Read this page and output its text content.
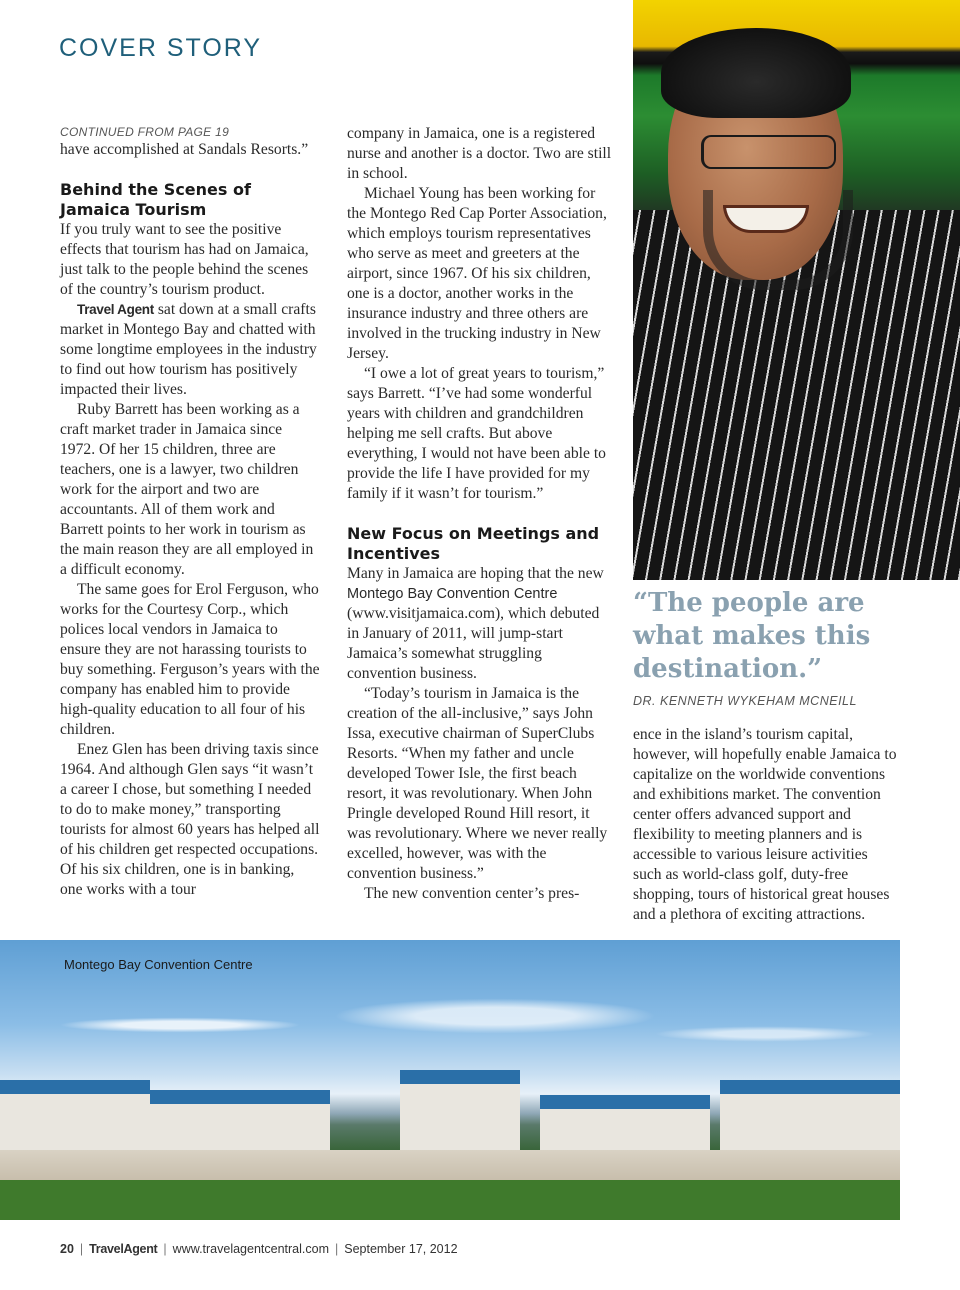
COVER STORY

CONTINUED FROM PAGE 19

have accomplished at Sandals Resorts.”

Behind the Scenes of Jamaica Tourism

If you truly want to see the positive effects that tourism has had on Jamaica, just talk to the people behind the scenes of the country’s tourism product.

Travel Agent sat down at a small crafts market in Montego Bay and chatted with some longtime employees in the industry to find out how tourism has positively impacted their lives.

Ruby Barrett has been working as a craft market trader in Jamaica since 1972. Of her 15 children, three are teachers, one is a lawyer, two children work for the airport and two are accountants. All of them work and Barrett points to her work in tourism as the main reason they are all employed in a difficult economy.

The same goes for Erol Ferguson, who works for the Courtesy Corp., which polices local vendors in Jamaica to ensure they are not harassing tourists to buy something. Ferguson’s years with the company has enabled him to provide high-quality education to all four of his children.

Enez Glen has been driving taxis since 1964. And although Glen says “it wasn’t a career I chose, but something I needed to do to make money,” transporting tourists for almost 60 years has helped all of his children get respected occupations. Of his six children, one is in banking, one works with a tour

company in Jamaica, one is a registered nurse and another is a doctor. Two are still in school.

Michael Young has been working for the Montego Red Cap Porter Association, which employs tourism representatives who serve as meet and greeters at the airport, since 1967. Of his six children, one is a doctor, another works in the insurance industry and three others are involved in the trucking industry in New Jersey.

“I owe a lot of great years to tourism,” says Barrett. “I’ve had some wonderful years with children and grandchildren helping me sell crafts. But above everything, I would not have been able to provide the life I have provided for my family if it wasn’t for tourism.”

New Focus on Meetings and Incentives

Many in Jamaica are hoping that the new Montego Bay Convention Centre (www.visitjamaica.com), which debuted in January of 2011, will jump-start Jamaica’s somewhat struggling convention business.

“Today’s tourism in Jamaica is the creation of the all-inclusive,” says John Issa, executive chairman of SuperClubs Resorts. “When my father and uncle developed Tower Isle, the first beach resort, it was revolutionary. When John Pringle developed Round Hill resort, it was revolutionary. Where we never really excelled, however, was with the convention business.”

The new convention center’s pres-

“The people are what makes this destination.”
DR. KENNETH WYKEHAM MCNEILL

ence in the island’s tourism capital, however, will hopefully enable Jamaica to capitalize on the worldwide conventions and exhibitions market. The convention center offers advanced support and flexibility to meeting planners and is accessible to various leisure activities such as world-class golf, duty-free shopping, tours of historical great houses and a plethora of exciting attractions.

Montego Bay Convention Centre
20 | TravelAgent | www.travelagentcentral.com | September 17, 2012
